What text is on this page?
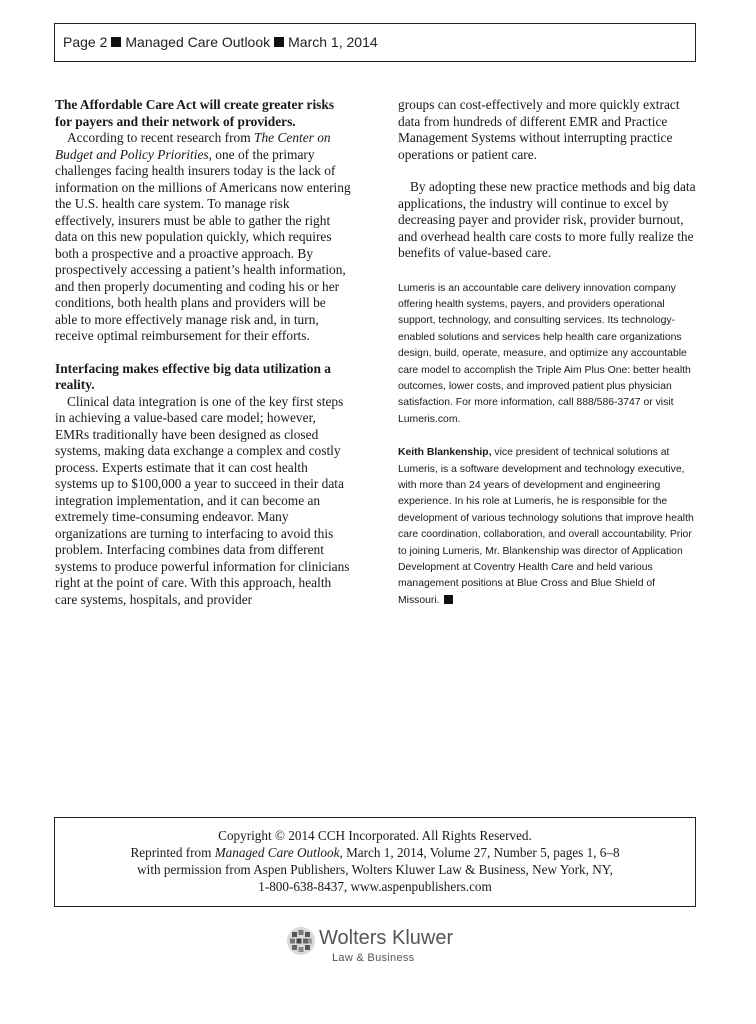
Page 2 Managed Care Outlook March 1, 2014

The Affordable Care Act will create greater risks for payers and their network of providers.

According to recent research from The Center on Budget and Policy Priorities, one of the primary challenges facing health insurers today is the lack of information on the millions of Americans now entering the U.S. health care system. To manage risk effectively, insurers must be able to gather the right data on this new population quickly, which requires both a prospective and a proactive approach. By prospectively accessing a patient’s health information, and then properly documenting and coding his or her conditions, both health plans and providers will be able to more effectively manage risk and, in turn, receive optimal reimbursement for their efforts.

Interfacing makes effective big data utilization a reality.

Clinical data integration is one of the key first steps in achieving a value-based care model; however, EMRs traditionally have been designed as closed systems, making data exchange a complex and costly process. Experts estimate that it can cost health systems up to $100,000 a year to succeed in their data integration implementation, and it can become an extremely time-consuming endeavor. Many organizations are turning to interfacing to avoid this problem. Interfacing combines data from different systems to produce powerful information for clinicians right at the point of care. With this approach, health care systems, hospitals, and provider

groups can cost-effectively and more quickly extract data from hundreds of different EMR and Practice Management Systems without interrupting practice operations or patient care.

By adopting these new practice methods and big data applications, the industry will continue to excel by decreasing payer and provider risk, provider burnout, and overhead health care costs to more fully realize the benefits of value-based care.

Lumeris is an accountable care delivery innovation company offering health systems, payers, and providers operational support, technology, and consulting services. Its technology-enabled solutions and services help health care organizations design, build, operate, measure, and optimize any accountable care model to accomplish the Triple Aim Plus One: better health outcomes, lower costs, and improved patient plus physician satisfaction. For more information, call 888/586-3747 or visit Lumeris.com.

Keith Blankenship, vice president of technical solutions at Lumeris, is a software development and technology executive, with more than 24 years of development and engineering experience. In his role at Lumeris, he is responsible for the development of various technology solutions that improve health care coordination, collaboration, and overall accountability. Prior to joining Lumeris, Mr. Blankenship was director of Application Development at Coventry Health Care and held various management positions at Blue Cross and Blue Shield of Missouri.

Copyright © 2014 CCH Incorporated. All Rights Reserved.
Reprinted from Managed Care Outlook, March 1, 2014, Volume 27, Number 5, pages 1, 6–8
with permission from Aspen Publishers, Wolters Kluwer Law & Business, New York, NY,
1-800-638-8437, www.aspenpublishers.com
Wolters Kluwer
Law & Business
